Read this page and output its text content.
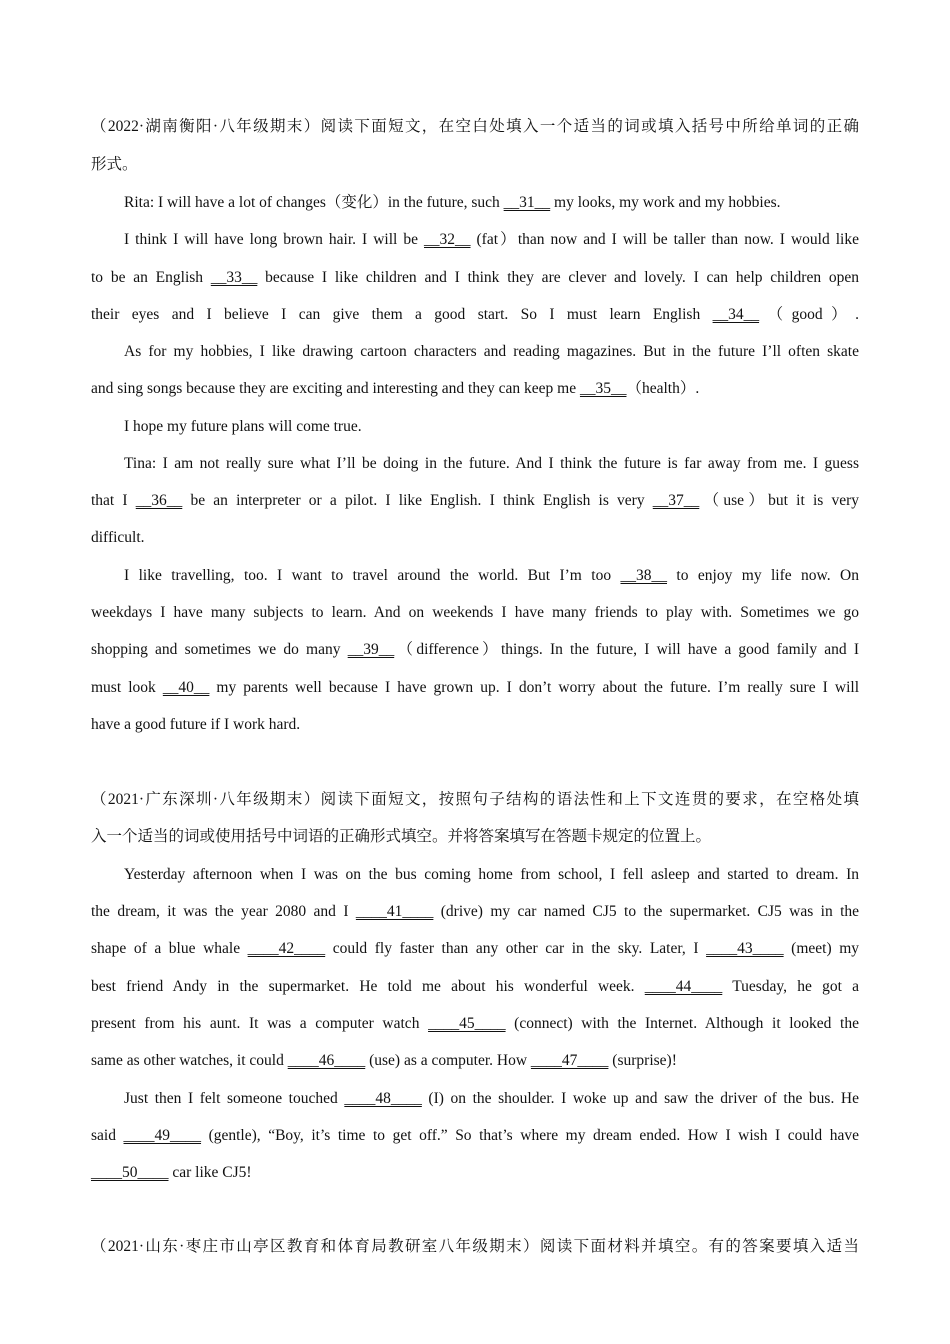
（2022·湖南衡阳·八年级期末）阅读下面短文，在空白处填入一个适当的词或填入括号中所给单词的正确
形式。
Rita: I will have a lot of changes（变化）in the future, such __31__ my looks, my work and my hobbies.
I think I will have long brown hair. I will be __32__ (fat）than now and I will be taller than now. I would like
to be an English __33__ because I like children and I think they are clever and lovely. I can help children open
their eyes and I believe I can give them a good start. So I must learn English __34__（good）.
As for my hobbies, I like drawing cartoon characters and reading magazines. But in the future I’ll often skate
and sing songs because they are exciting and interesting and they can keep me __35__（health）.
I hope my future plans will come true.
Tina: I am not really sure what I’ll be doing in the future. And I think the future is far away from me. I guess
that I __36__ be an interpreter or a pilot. I like English. I think English is very __37__（use）but it is very
difficult.
I like travelling, too. I want to travel around the world. But I’m too __38__ to enjoy my life now. On
weekdays I have many subjects to learn. And on weekends I have many friends to play with. Sometimes we go
shopping and sometimes we do many __39__（difference）things. In the future, I will have a good family and I
must look __40__ my parents well because I have grown up. I don’t worry about the future. I’m really sure I will
have a good future if I work hard.
（2021·广东深圳·八年级期末）阅读下面短文，按照句子结构的语法性和上下文连贯的要求，在空格处填
入一个适当的词或使用括号中词语的正确形式填空。并将答案填写在答题卡规定的位置上。
Yesterday afternoon when I was on the bus coming home from school, I fell asleep and started to dream. In
the dream, it was the year 2080 and I ____41____ (drive) my car named CJ5 to the supermarket. CJ5 was in the
shape of a blue whale ____42____ could fly faster than any other car in the sky. Later, I ____43____ (meet) my
best friend Andy in the supermarket. He told me about his wonderful week. ____44____ Tuesday, he got a
present from his aunt. It was a computer watch ____45____ (connect) with the Internet. Although it looked the
same as other watches, it could ____46____ (use) as a computer. How ____47____ (surprise)!
Just then I felt someone touched ____48____ (I) on the shoulder. I woke up and saw the driver of the bus. He
said ____49____ (gentle), “Boy, it’s time to get off.” So that’s where my dream ended. How I wish I could have
____50____ car like CJ5!
（2021·山东·枣庄市山亭区教育和体育局教研室八年级期末）阅读下面材料并填空。有的答案要填入适当
